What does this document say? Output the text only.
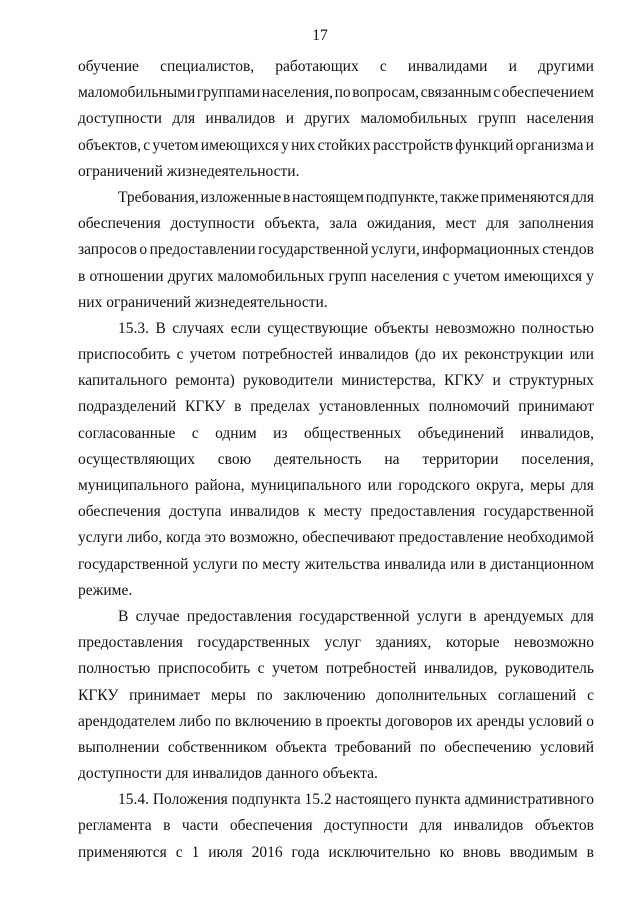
17
обучение специалистов, работающих с инвалидами и другими
маломобильными группами населения, по вопросам, связанным с обеспечением
доступности для инвалидов и других маломобильных групп населения
объектов, с учетом имеющихся у них стойких расстройств функций организма и
ограничений жизнедеятельности.
Требования, изложенные в настоящем подпункте, также применяются для
обеспечения доступности объекта, зала ожидания, мест для заполнения
запросов о предоставлении государственной услуги, информационных стендов
в отношении других маломобильных групп населения с учетом имеющихся у
них ограничений жизнедеятельности.
15.3. В случаях если существующие объекты невозможно полностью
приспособить с учетом потребностей инвалидов (до их реконструкции или
капитального ремонта) руководители министерства, КГКУ и структурных
подразделений КГКУ в пределах установленных полномочий принимают
согласованные с одним из общественных объединений инвалидов,
осуществляющих свою деятельность на территории поселения,
муниципального района, муниципального или городского округа, меры для
обеспечения доступа инвалидов к месту предоставления государственной
услуги либо, когда это возможно, обеспечивают предоставление необходимой
государственной услуги по месту жительства инвалида или в дистанционном
режиме.
В случае предоставления государственной услуги в арендуемых для
предоставления государственных услуг зданиях, которые невозможно
полностью приспособить с учетом потребностей инвалидов, руководитель
КГКУ принимает меры по заключению дополнительных соглашений с
арендодателем либо по включению в проекты договоров их аренды условий о
выполнении собственником объекта требований по обеспечению условий
доступности для инвалидов данного объекта.
15.4. Положения подпункта 15.2 настоящего пункта административного
регламента в части обеспечения доступности для инвалидов объектов
применяются с 1 июля 2016 года исключительно ко вновь вводимым в
